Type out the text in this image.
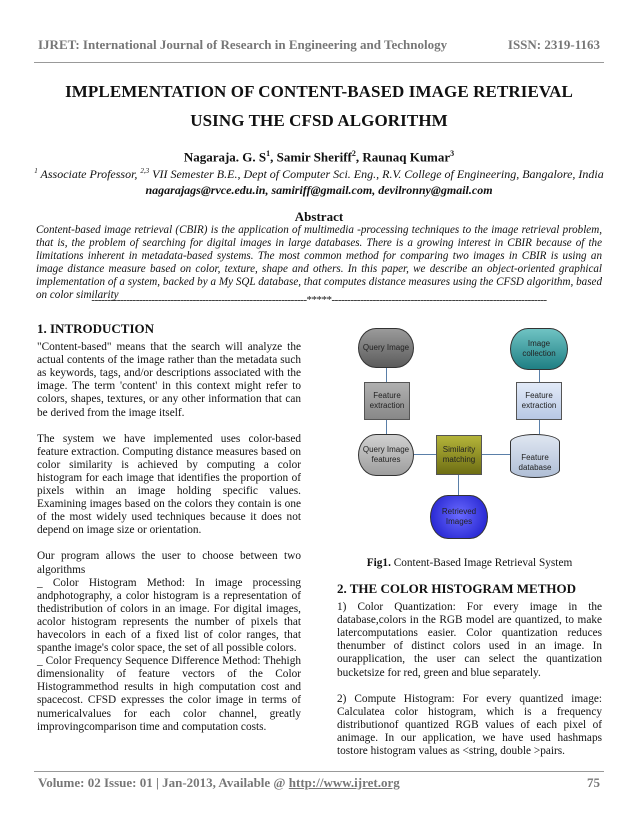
IJRET: International Journal of Research in Engineering and Technology	ISSN: 2319-1163
IMPLEMENTATION OF CONTENT-BASED IMAGE RETRIEVAL
USING THE CFSD ALGORITHM
Nagaraja. G. $S^1$, Samir Sheriff$^2$, Raunaq Kumar$^3$
$^1$ Associate Professor, $^{2,3}$ VII Semester B.E., Dept of Computer Sci. Eng., R.V. College of Engineering, Bangalore, India
nagarajags@rvce.edu.in, samiriff@gmail.com, devilronny@gmail.com
Abstract
Content-based image retrieval (CBIR) is the application of multimedia -processing techniques to the image retrieval problem, that is, the problem of searching for digital images in large databases. There is a growing interest in CBIR because of the limitations inherent in metadata-based systems. The most common method for comparing two images in CBIR is using an image distance measure based on color, texture, shape and others. In this paper, we describe an object-oriented graphical implementation of a system, backed by a My SQL database, that computes distance measures using the CFSD algorithm, based on color similarity
--------------------------------------------------------------------*****--------------------------------------------------------------------
1. INTRODUCTION

"Content-based" means that the search will analyze the actual contents of the image rather than the metadata such as keywords, tags, and/or descriptions associated with the image. The term 'content' in this context might refer to colors, shapes, textures, or any other information that can be derived from the image itself.

The system we have implemented uses color-based feature extraction. Computing distance measures based on color similarity is achieved by computing a color histogram for each image that identifies the proportion of pixels within an image holding specific values. Examining images based on the colors they contain is one of the most widely used techniques because it does not depend on image size or orientation.

Our program allows the user to choose between two algorithms
_ Color Histogram Method: In image processing andphotography, a color histogram is a representation of thedistribution of colors in an image. For digital images, acolor histogram represents the number of pixels that havecolors in each of a fixed list of color ranges, that spanthe image's color space, the set of all possible colors.
_ Color Frequency Sequence Difference Method: Thehigh dimensionality of feature vectors of the Color Histogrammethod results in high computation cost and spacecost. CFSD expresses the color image in terms of numericalvalues for each color channel, greatly improvingcomparison time and computation costs.
Query Image
Feature extraction
Query Image features
Similarity matching
Retrieved Images
Image collection
Feature extraction
Feature database
Fig1. Content-Based Image Retrieval System
2. THE COLOR HISTOGRAM METHOD

1) Color Quantization: For every image in the database,colors in the RGB model are quantized, to make latercomputations easier. Color quantization reduces thenumber of distinct colors used in an image. In ourapplication, the user can select the quantization bucketsize for red, green and blue separately.

2) Compute Histogram: For every quantized image: Calculatea color histogram, which is a frequency distributionof quantized RGB values of each pixel of animage. In our application, we have used hashmaps tostore histogram values as <string, double >pairs.

Volume: 02 Issue: 01 | Jan-2013, Available @ http://www.ijret.org	75
